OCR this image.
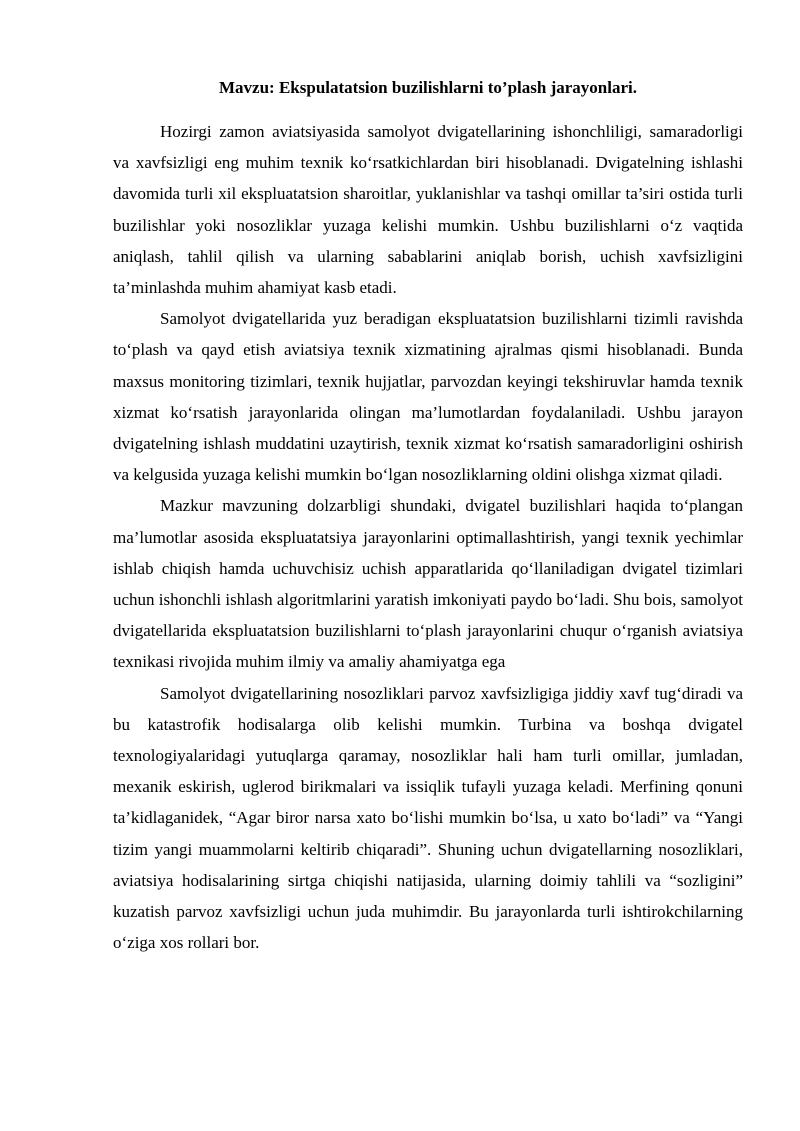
Mavzu: Ekspulatatsion buzilishlarni to’plash jarayonlari.

Hozirgi zamon aviatsiyasida samolyot dvigatellarining ishonchliligi, samaradorligi va xavfsizligi eng muhim texnik ko‘rsatkichlardan biri hisoblanadi. Dvigatelning ishlashi davomida turli xil ekspluatatsion sharoitlar, yuklanishlar va tashqi omillar ta’siri ostida turli buzilishlar yoki nosozliklar yuzaga kelishi mumkin. Ushbu buzilishlarni o‘z vaqtida aniqlash, tahlil qilish va ularning sabablarini aniqlab borish, uchish xavfsizligini ta’minlashda muhim ahamiyat kasb etadi.

Samolyot dvigatellarida yuz beradigan ekspluatatsion buzilishlarni tizimli ravishda to‘plash va qayd etish aviatsiya texnik xizmatining ajralmas qismi hisoblanadi. Bunda maxsus monitoring tizimlari, texnik hujjatlar, parvozdan keyingi tekshiruvlar hamda texnik xizmat ko‘rsatish jarayonlarida olingan ma’lumotlardan foydalaniladi. Ushbu jarayon dvigatelning ishlash muddatini uzaytirish, texnik xizmat ko‘rsatish samaradorligini oshirish va kelgusida yuzaga kelishi mumkin bo‘lgan nosozliklarning oldini olishga xizmat qiladi.

Mazkur mavzuning dolzarbligi shundaki, dvigatel buzilishlari haqida to‘plangan ma’lumotlar asosida ekspluatatsiya jarayonlarini optimallashtirish, yangi texnik yechimlar ishlab chiqish hamda uchuvchisiz uchish apparatlarida qo‘llaniladigan dvigatel tizimlari uchun ishonchli ishlash algoritmlarini yaratish imkoniyati paydo bo‘ladi. Shu bois, samolyot dvigatellarida ekspluatatsion buzilishlarni to‘plash jarayonlarini chuqur o‘rganish aviatsiya texnikasi rivojida muhim ilmiy va amaliy ahamiyatga ega

Samolyot dvigatellarining nosozliklari parvoz xavfsizligiga jiddiy xavf tug‘diradi va bu katastrofik hodisalarga olib kelishi mumkin. Turbina va boshqa dvigatel texnologiyalaridagi yutuqlarga qaramay, nosozliklar hali ham turli omillar, jumladan, mexanik eskirish, uglerod birikmalari va issiqlik tufayli yuzaga keladi. Merfining qonuni ta’kidlaganidek, “Agar biror narsa xato bo‘lishi mumkin bo‘lsa, u xato bo‘ladi” va “Yangi tizim yangi muammolarni keltirib chiqaradi”. Shuning uchun dvigatellarning nosozliklari, aviatsiya hodisalarining sirtga chiqishi natijasida, ularning doimiy tahlili va “sozligini” kuzatish parvoz xavfsizligi uchun juda muhimdir. Bu jarayonlarda turli ishtirokchilarning o‘ziga xos rollari bor.
